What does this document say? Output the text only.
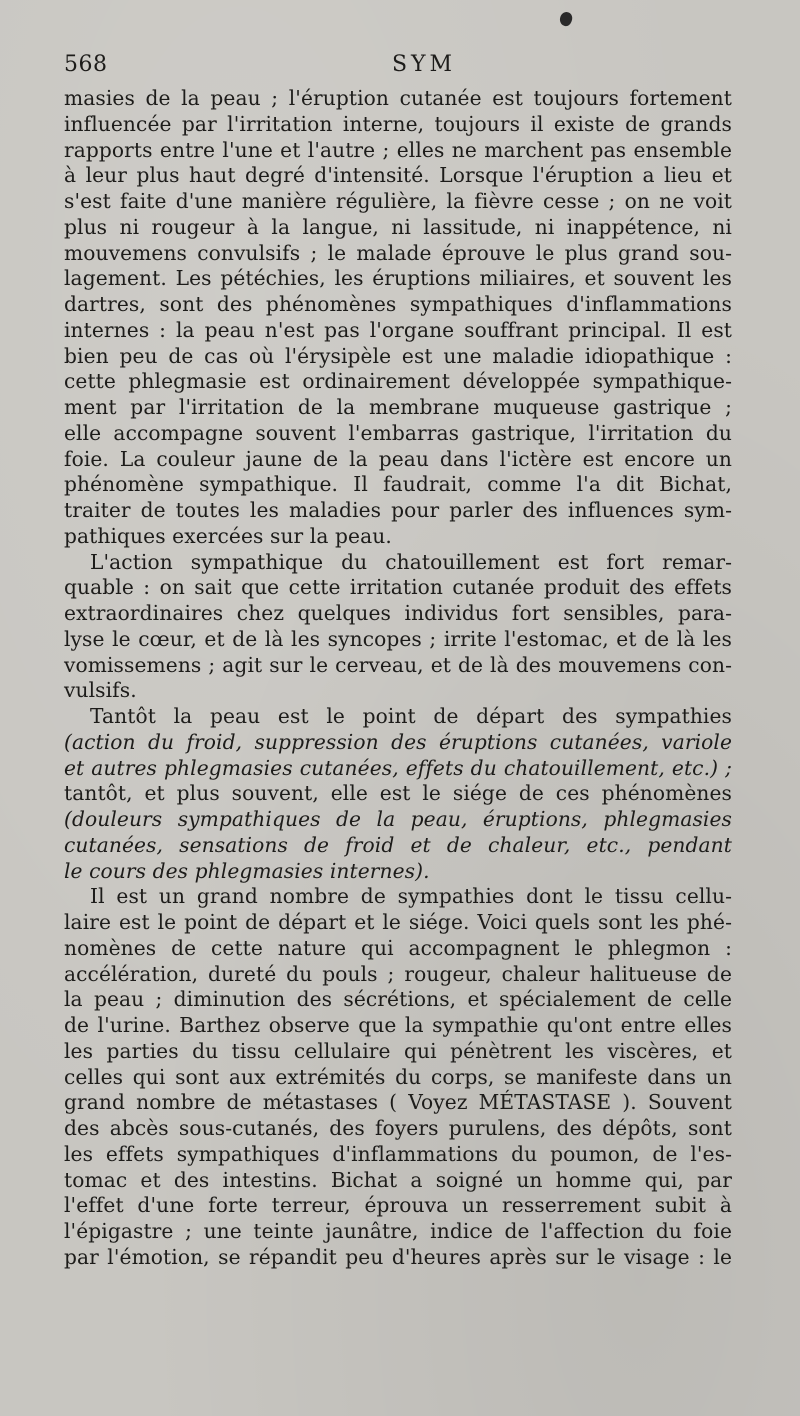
568	SYM
masies de la peau ; l'éruption cutanée est toujours fortement
influencée par l'irritation interne, toujours il existe de grands
rapports entre l'une et l'autre ; elles ne marchent pas ensemble
à leur plus haut degré d'intensité. Lorsque l'éruption a lieu et
s'est faite d'une manière régulière, la fièvre cesse ; on ne voit
plus ni rougeur à la langue, ni lassitude, ni inappétence, ni
mouvemens convulsifs ; le malade éprouve le plus grand sou-
lagement. Les pétéchies, les éruptions miliaires, et souvent les
dartres, sont des phénomènes sympathiques d'inflammations
internes : la peau n'est pas l'organe souffrant principal. Il est
bien peu de cas où l'érysipèle est une maladie idiopathique :
cette phlegmasie est ordinairement développée sympathique-
ment par l'irritation de la membrane muqueuse gastrique ;
elle accompagne souvent l'embarras gastrique, l'irritation du
foie. La couleur jaune de la peau dans l'ictère est encore un
phénomène sympathique. Il faudrait, comme l'a dit Bichat,
traiter de toutes les maladies pour parler des influences sym-
pathiques exercées sur la peau.
L'action sympathique du chatouillement est fort remar-
quable : on sait que cette irritation cutanée produit des effets
extraordinaires chez quelques individus fort sensibles, para-
lyse le cœur, et de là les syncopes ; irrite l'estomac, et de là les
vomissemens ; agit sur le cerveau, et de là des mouvemens con-
vulsifs.
Tantôt la peau est le point de départ des sympathies
(action du froid, suppression des éruptions cutanées, variole
et autres phlegmasies cutanées, effets du chatouillement, etc.) ;
tantôt, et plus souvent, elle est le siége de ces phénomènes
(douleurs sympathiques de la peau, éruptions, phlegmasies
cutanées, sensations de froid et de chaleur, etc., pendant
le cours des phlegmasies internes).
Il est un grand nombre de sympathies dont le tissu cellu-
laire est le point de départ et le siége. Voici quels sont les phé-
nomènes de cette nature qui accompagnent le phlegmon :
accélération, dureté du pouls ; rougeur, chaleur halitueuse de
la peau ; diminution des sécrétions, et spécialement de celle
de l'urine. Barthez observe que la sympathie qu'ont entre elles
les parties du tissu cellulaire qui pénètrent les viscères, et
celles qui sont aux extrémités du corps, se manifeste dans un
grand nombre de métastases ( Voyez MÉTASTASE ). Souvent
des abcès sous-cutanés, des foyers purulens, des dépôts, sont
les effets sympathiques d'inflammations du poumon, de l'es-
tomac et des intestins. Bichat a soigné un homme qui, par
l'effet d'une forte terreur, éprouva un resserrement subit à
l'épigastre ; une teinte jaunâtre, indice de l'affection du foie
par l'émotion, se répandit peu d'heures après sur le visage : le
